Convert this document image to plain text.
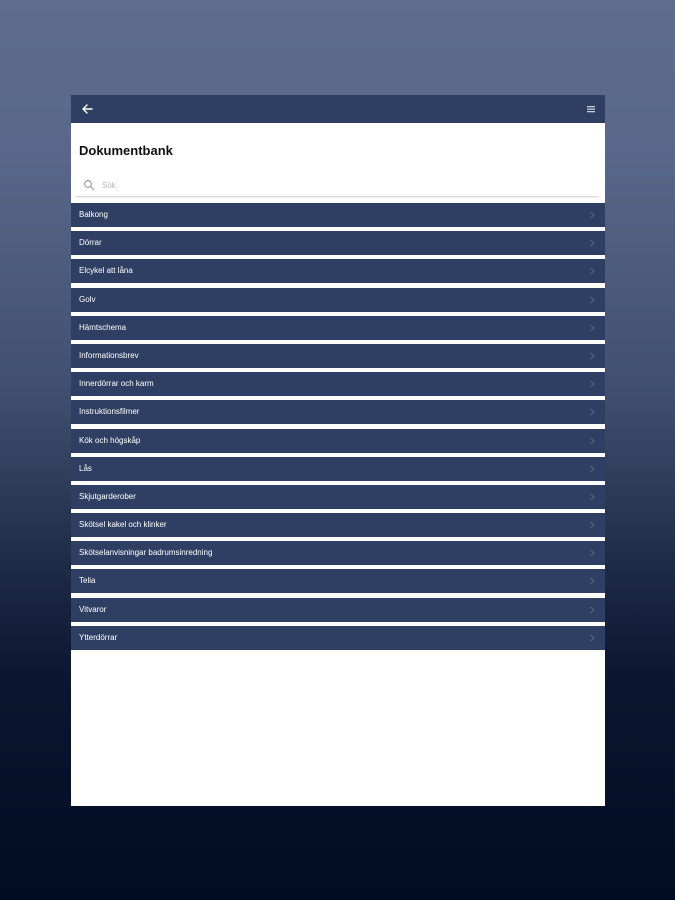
Dokumentbank
Sök
Balkong
Dörrar
Elcykel att låna
Golv
Hämtschema
Informationsbrev
Innerdörrar och karm
Instruktionsfilmer
Kök och högskåp
Lås
Skjutgarderober
Skötsel kakel och klinker
Skötselanvisningar badrumsinredning
Telia
Vitvaror
Ytterdörrar
